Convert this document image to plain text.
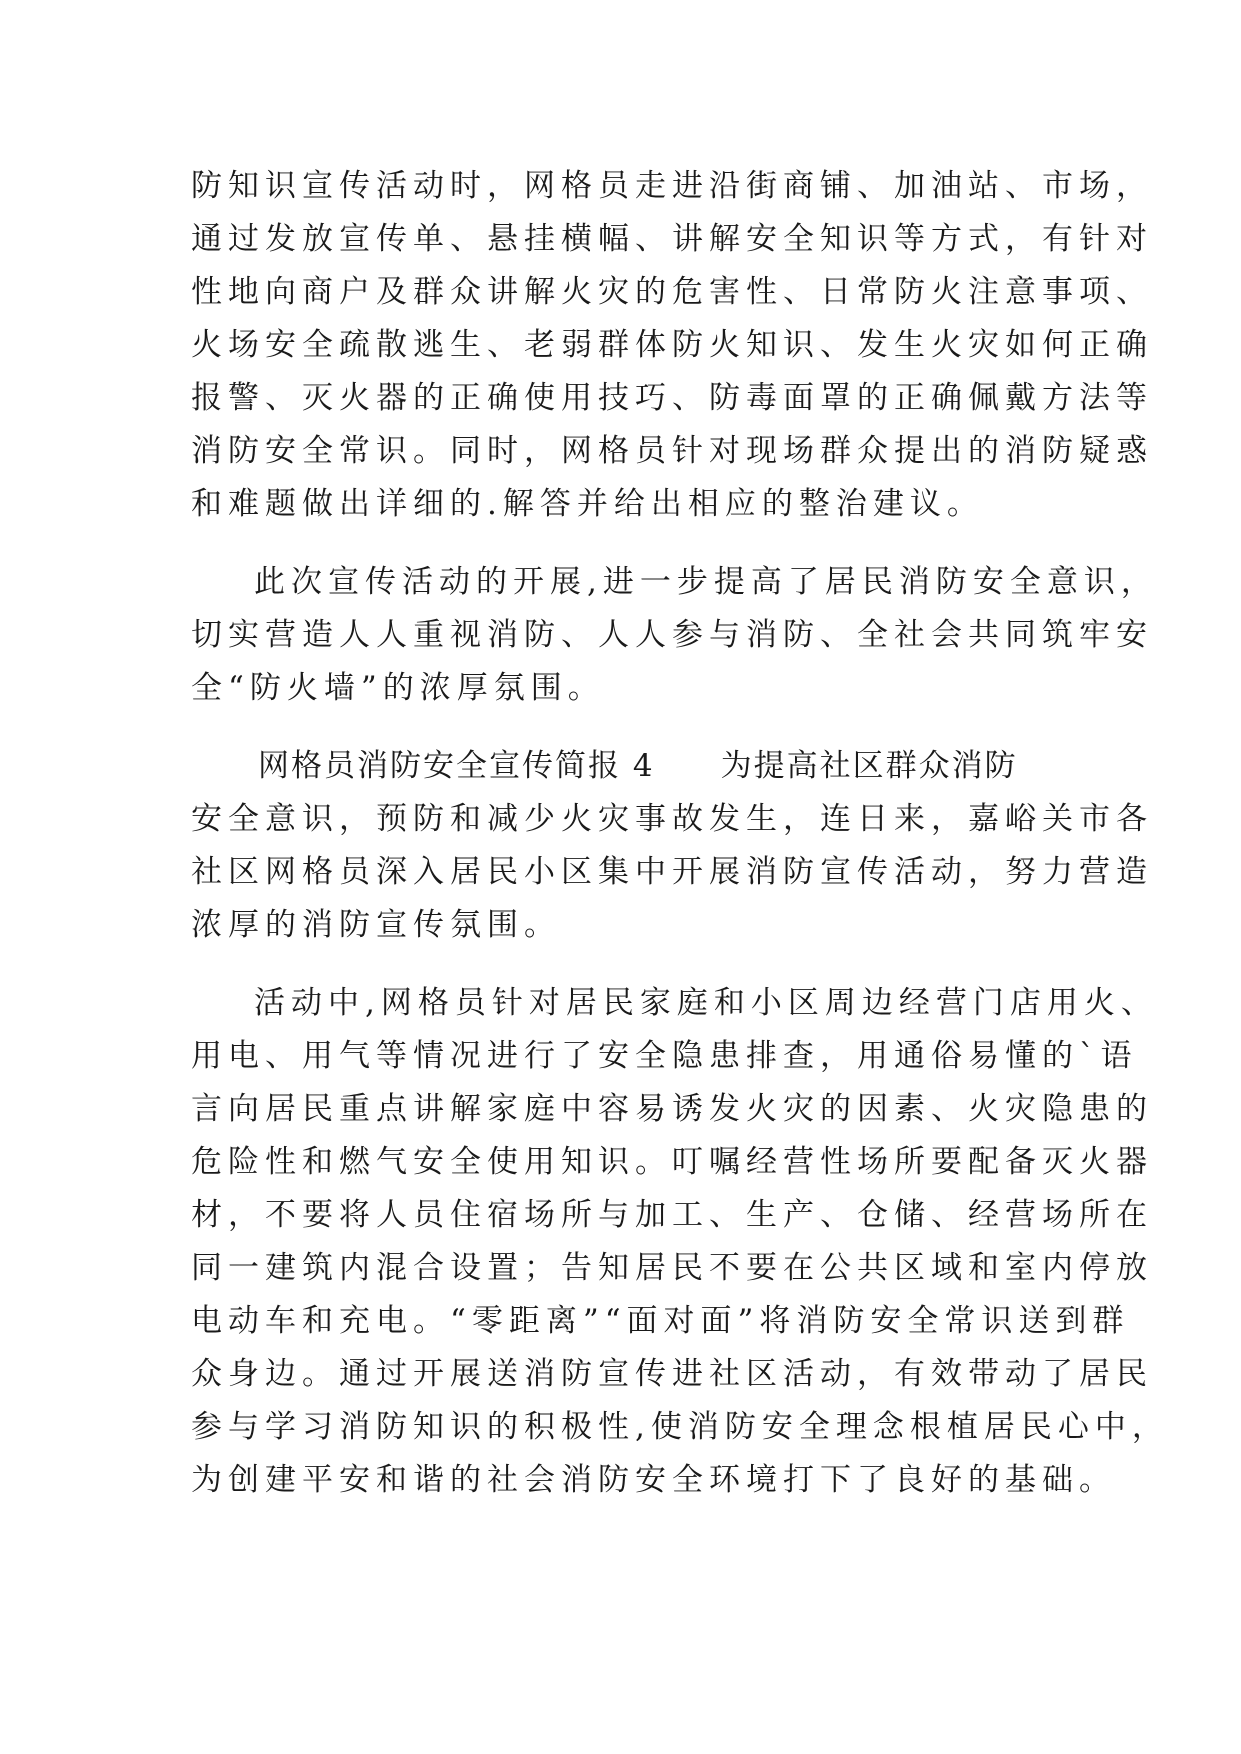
防知识宣传活动时，网格员走进沿街商铺、加油站、市场，
通过发放宣传单、悬挂横幅、讲解安全知识等方式，有针对
性地向商户及群众讲解火灾的危害性、日常防火注意事项、
火场安全疏散逃生、老弱群体防火知识、发生火灾如何正确
报警、灭火器的正确使用技巧、防毒面罩的正确佩戴方法等
消防安全常识。同时，网格员针对现场群众提出的消防疑惑
和难题做出详细的.解答并给出相应的整治建议。
此次宣传活动的开展,进一步提高了居民消防安全意识，
切实营造人人重视消防、人人参与消防、全社会共同筑牢安
全“防火墙”的浓厚氛围。
网格员消防安全宣传简报 4　　为提高社区群众消防
安全意识，预防和减少火灾事故发生，连日来，嘉峪关市各
社区网格员深入居民小区集中开展消防宣传活动，努力营造
浓厚的消防宣传氛围。
活动中,网格员针对居民家庭和小区周边经营门店用火、
用电、用气等情况进行了安全隐患排查，用通俗易懂的`语
言向居民重点讲解家庭中容易诱发火灾的因素、火灾隐患的
危险性和燃气安全使用知识。叮嘱经营性场所要配备灭火器
材，不要将人员住宿场所与加工、生产、仓储、经营场所在
同一建筑内混合设置；告知居民不要在公共区域和室内停放
电动车和充电。“零距离”“面对面”将消防安全常识送到群
众身边。通过开展送消防宣传进社区活动，有效带动了居民
参与学习消防知识的积极性,使消防安全理念根植居民心中，
为创建平安和谐的社会消防安全环境打下了良好的基础。
